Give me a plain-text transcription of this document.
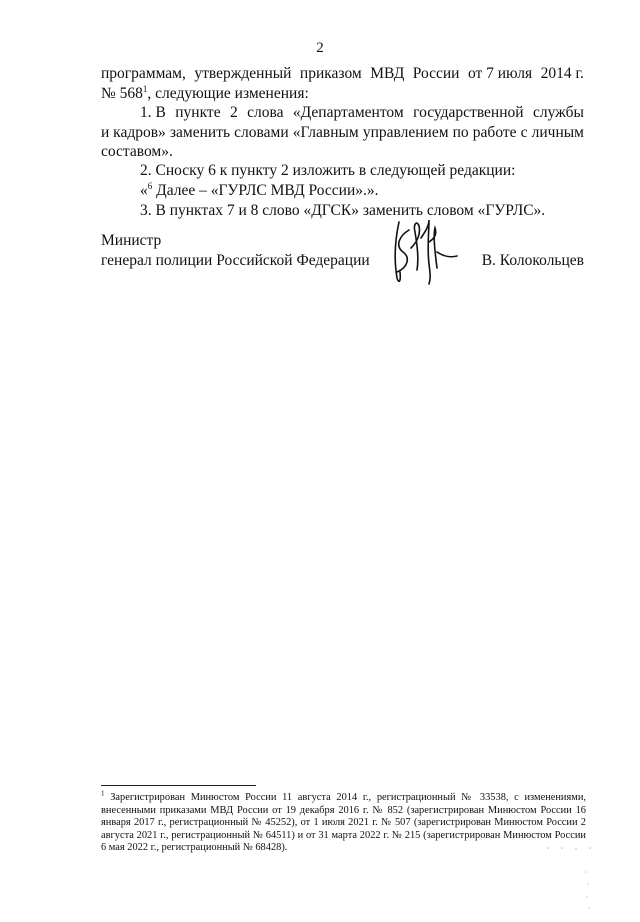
2
программам, утвержденный приказом МВД России от 7 июля 2014 г.
№ $568^1$, следующие изменения:
1. В пункте 2 слова «Департаментом государственной службы
и кадров» заменить словами «Главным управлением по работе с личным
составом».
2. Сноску 6 к пункту 2 изложить в следующей редакции:
«$^6$ Далее – «ГУРЛС МВД России».».
3. В пунктах 7 и 8 слово «ДГСК» заменить словом «ГУРЛС».
Министр
генерал полиции Российской Федерации	В. Колокольцев
$^1$ Зарегистрирован Минюстом России 11 августа 2014 г., регистрационный № 33538, с изменениями, внесенными приказами МВД России от 19 декабря 2016 г. № 852 (зарегистрирован Минюстом России 16 января 2017 г., регистрационный № 45252), от 1 июля 2021 г. № 507 (зарегистрирован Минюстом России 2 августа 2021 г., регистрационный № 64511) и от 31 марта 2022 г. № 215 (зарегистрирован Минюстом России 6 мая 2022 г., регистрационный № 68428).
